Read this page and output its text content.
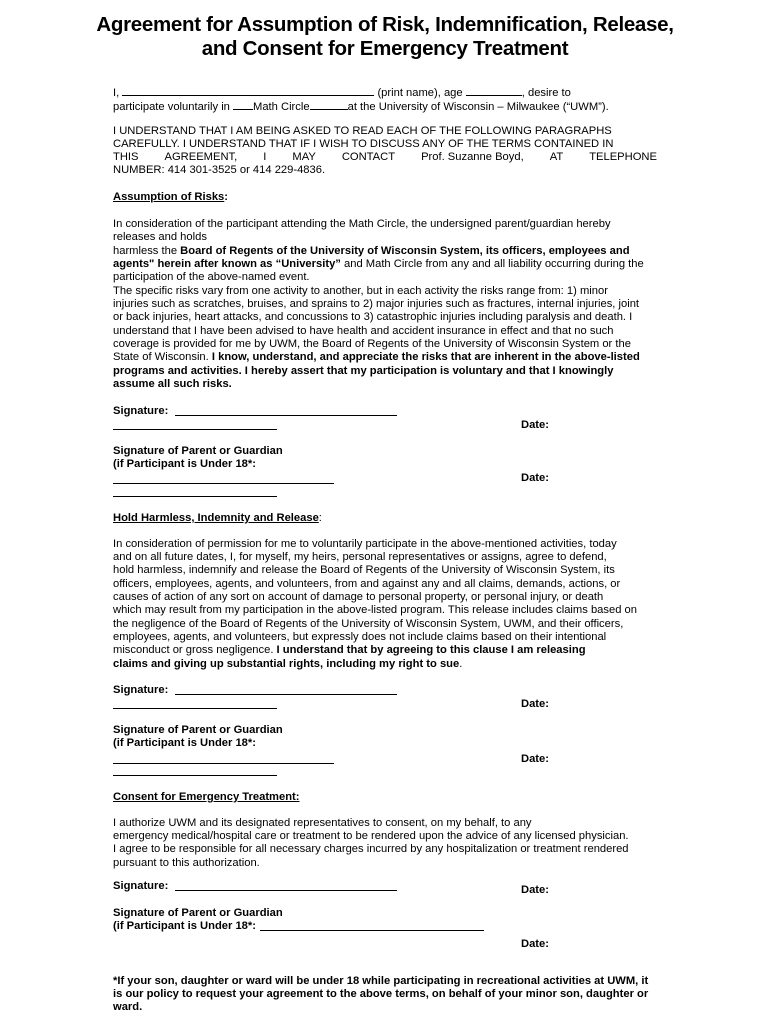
Agreement for Assumption of Risk, Indemnification, Release,
and Consent for Emergency Treatment
I,	(print name), age	, desire to
participate voluntarily in Math Circle	at the University of Wisconsin – Milwaukee (“UWM”).
I UNDERSTAND THAT I AM BEING ASKED TO READ EACH OF THE FOLLOWING PARAGRAPHS
CAREFULLY. I UNDERSTAND THAT IF I WISH TO DISCUSS ANY OF THE TERMS CONTAINED IN
THIS AGREEMENT, I MAY CONTACT Prof. Suzanne Boyd, AT TELEPHONE
NUMBER: 414 301-3525 or 414 229-4836.
Assumption of Risks:
In consideration of the participant attending the Math Circle, the undersigned parent/guardian hereby
releases and holds
harmless the Board of Regents of the University of Wisconsin System, its officers, employees and
agents" herein after known as “University” and Math Circle from any and all liability occurring during the
participation of the above-named event.
The specific risks vary from one activity to another, but in each activity the risks range from: 1) minor
injuries such as scratches, bruises, and sprains to 2) major injuries such as fractures, internal injuries, joint
or back injuries, heart attacks, and concussions to 3) catastrophic injuries including paralysis and death. I
understand that I have been advised to have health and accident insurance in effect and that no such
coverage is provided for me by UWM, the Board of Regents of the University of Wisconsin System or the
State of Wisconsin. I know, understand, and appreciate the risks that are inherent in the above-listed
programs and activities. I hereby assert that my participation is voluntary and that I knowingly
assume all such risks.
Signature:
Date:
Signature of Parent or Guardian
(if Participant is Under 18*:
Date:
Hold Harmless, Indemnity and Release:
In consideration of permission for me to voluntarily participate in the above-mentioned activities, today
and on all future dates, I, for myself, my heirs, personal representatives or assigns, agree to defend,
hold harmless, indemnify and release the Board of Regents of the University of Wisconsin System, its
officers, employees, agents, and volunteers, from and against any and all claims, demands, actions, or
causes of action of any sort on account of damage to personal property, or personal injury, or death
which may result from my participation in the above-listed program. This release includes claims based on
the negligence of the Board of Regents of the University of Wisconsin System, UWM, and their officers,
employees, agents, and volunteers, but expressly does not include claims based on their intentional
misconduct or gross negligence. I understand that by agreeing to this clause I am releasing
claims and giving up substantial rights, including my right to sue.
Signature:
Date:
Signature of Parent or Guardian
(if Participant is Under 18*:
Date:
Consent for Emergency Treatment:
I authorize UWM and its designated representatives to consent, on my behalf, to any
emergency medical/hospital care or treatment to be rendered upon the advice of any licensed physician.
I agree to be responsible for all necessary charges incurred by any hospitalization or treatment rendered
pursuant to this authorization.
Signature:	Date:
Signature of Parent or Guardian
(if Participant is Under 18*:
Date:
*If your son, daughter or ward will be under 18 while participating in recreational activities at UWM, it
is our policy to request your agreement to the above terms, on behalf of your minor son, daughter or
ward.
